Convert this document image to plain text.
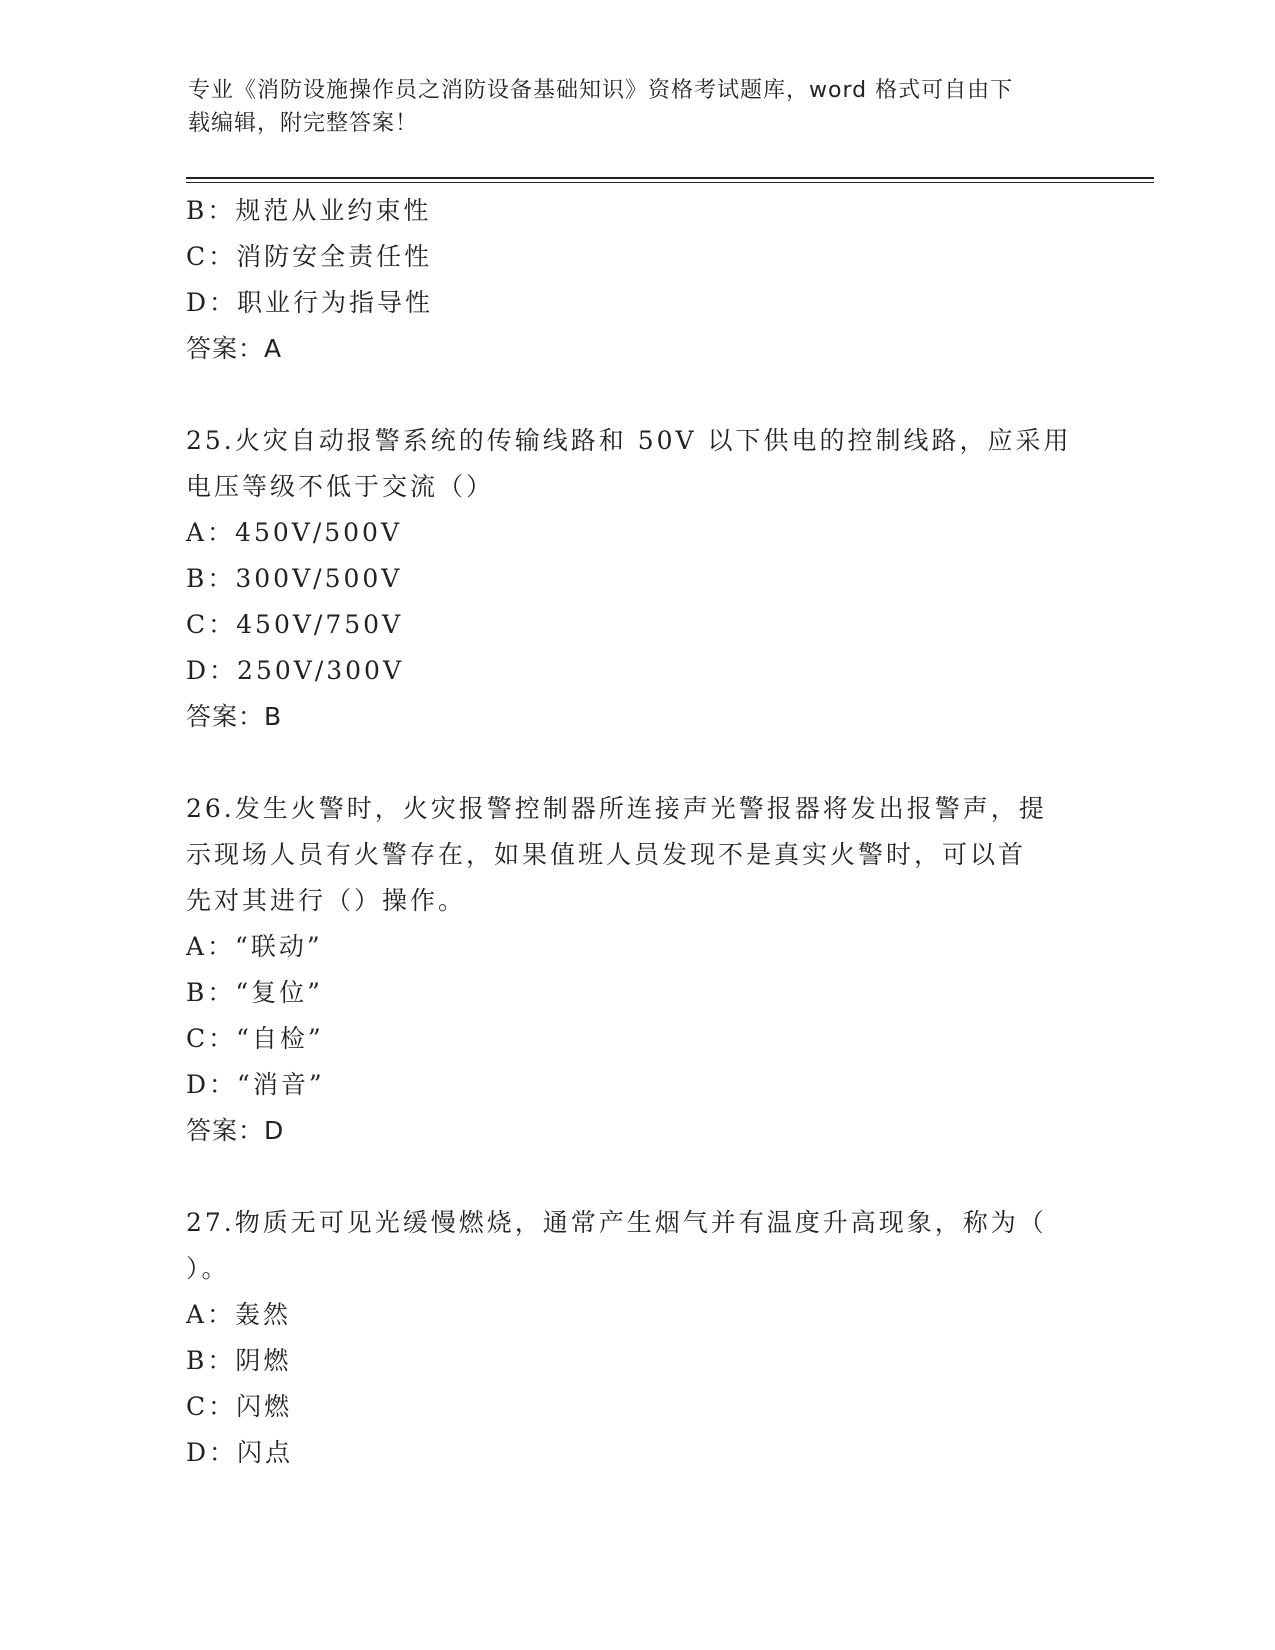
专业《消防设施操作员之消防设备基础知识》资格考试题库，word 格式可自由下
载编辑，附完整答案！
B：规范从业约束性
C：消防安全责任性
D：职业行为指导性
答案：A
25.火灾自动报警系统的传输线路和 50V 以下供电的控制线路，应采用
电压等级不低于交流（）
A：450V/500V
B：300V/500V
C：450V/750V
D：250V/300V
答案：B
26.发生火警时，火灾报警控制器所连接声光警报器将发出报警声，提
示现场人员有火警存在，如果值班人员发现不是真实火警时，可以首
先对其进行（）操作。
A：“联动”
B：“复位”
C：“自检”
D：“消音”
答案：D
27.物质无可见光缓慢燃烧，通常产生烟气并有温度升高现象，称为（
）。
A：轰然
B：阴燃
C：闪燃
D：闪点
